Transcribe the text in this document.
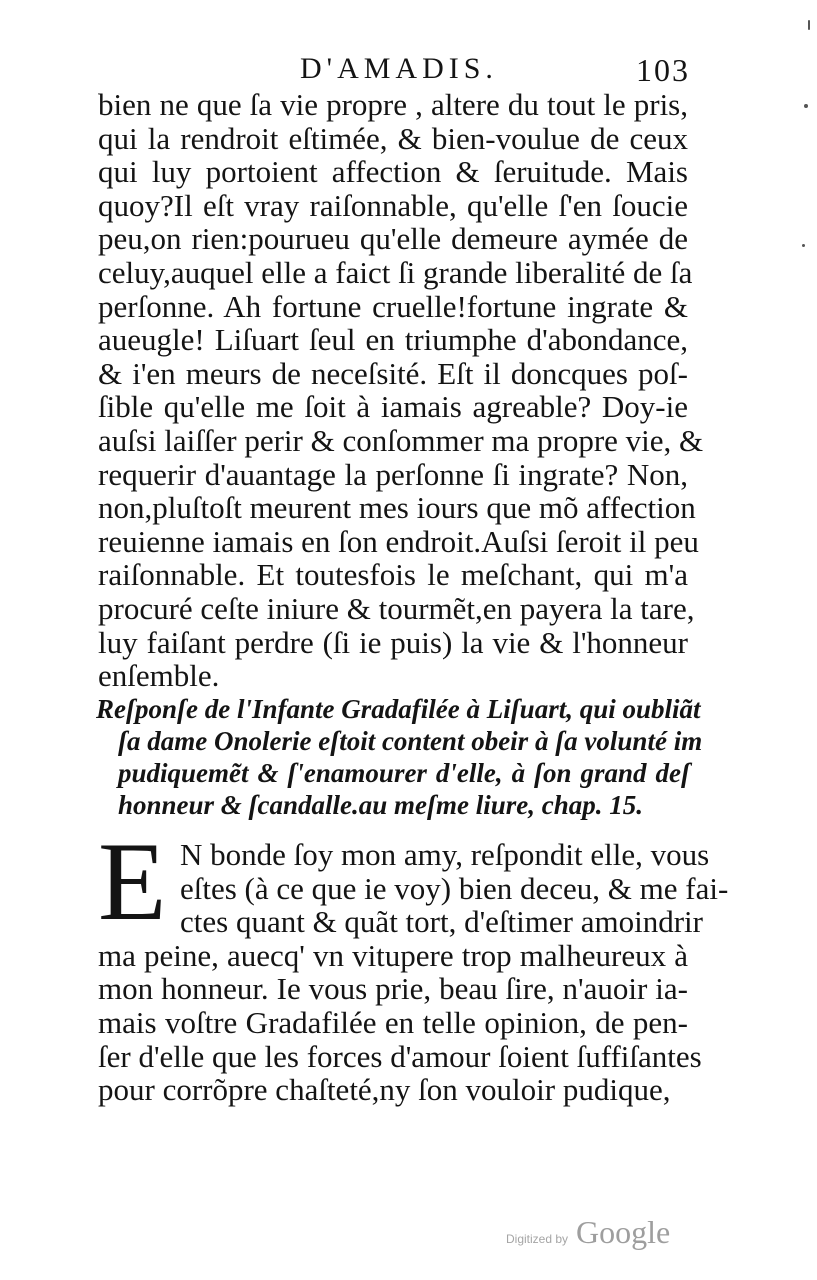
D'AMADIS.	103
bien ne que ſa vie propre , altere du tout le pris,
qui la rendroit eſtimée, & bien-voulue de ceux
qui luy portoient affection & ſeruitude. Mais
quoy?Il eſt vray raiſonnable, qu'elle ſ'en ſoucie
peu,on rien:pourueu qu'elle demeure aymée de
celuy,auquel elle a faict ſi grande liberalité de ſa
perſonne. Ah fortune cruelle!fortune ingrate &
aueugle! Liſuart ſeul en triumphe d'abondance,
& i'en meurs de neceſsité. Eſt il doncques poſ-
ſible qu'elle me ſoit à iamais agreable? Doy-ie
auſsi laiſſer perir & conſommer ma propre vie, &
requerir d'auantage la perſonne ſi ingrate? Non,
non,pluſtoſt meurent mes iours que mõ affection
reuienne iamais en ſon endroit.Auſsi ſeroit il peu
raiſonnable. Et toutesfois le meſchant, qui m'a
procuré ceſte iniure & tourmẽt,en payera la tare,
luy faiſant perdre (ſi ie puis) la vie & l'honneur
enſemble.
Reſponſe de l'Infante Gradafilée à Liſuart, qui oubliãt
ſa dame Onolerie eſtoit content obeir à ſa volunté im
pudiquemẽt & ſ'enamourer d'elle, à ſon grand deſ
honneur & ſcandalle.au meſme liure, chap. 15.
E N bonde ſoy mon amy, reſpondit elle, vous
eſtes (à ce que ie voy) bien deceu, & me fai-
ctes quant & quãt tort, d'eſtimer amoindrir
ma peine, auecq' vn vitupere trop malheureux à
mon honneur. Ie vous prie, beau ſire, n'auoir ia-
mais voſtre Gradafilée en telle opinion, de pen-
ſer d'elle que les forces d'amour ſoient ſuffiſantes
pour corrõpre chaſteté,ny ſon vouloir pudique,
Digitized by Google
